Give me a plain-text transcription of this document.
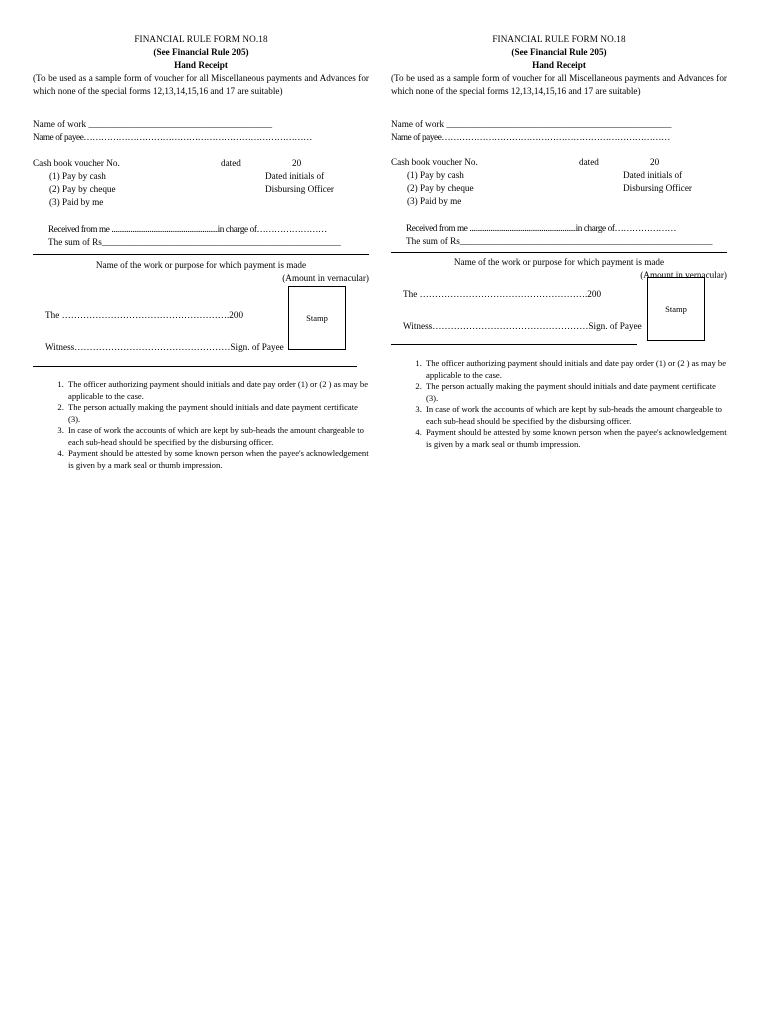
FINANCIAL RULE FORM NO.18
(See Financial Rule 205)
Hand Receipt
(To be used as a sample form of voucher for all Miscellaneous payments and Advances for which none of the special forms 12,13,14,15,16 and 17 are suitable)
Name of work ________________________________________
Name of payee……………………………………………………………………
Cash book voucher No.	dated	20
(1) Pay by cash	Dated initials of
(2) Pay by cheque	Disbursing Officer
(3) Paid by me
Received from me ........................................................in charge of……………………
The sum of Rs____________________________________________________
Name of the work or purpose for which payment is made
(Amount in vernacular)
The ……………………………………………….200
Witness……………………………………………Sign. of Payee
Stamp
1. The officer authorizing payment should initials and date pay order (1) or (2 ) as may be applicable to the case.
2. The person actually making the payment should initials and date payment certificate (3).
3. In case of work the accounts of which are kept by sub-heads the amount chargeable to each sub-head should be specified by the disbursing officer.
4. Payment should be attested by some known person when the payee's acknowledgement is given by a mark seal or thumb impression.
FINANCIAL RULE FORM NO.18
(See Financial Rule 205)
Hand Receipt
(To be used as a sample form of voucher for all Miscellaneous payments and Advances for which none of the special forms 12,13,14,15,16 and 17 are suitable)
Name of work _________________________________________________
Name of payee……………………………………………………………………
Cash book voucher No.	dated	20
(1) Pay by cash	Dated initials of
(2) Pay by cheque	Disbursing Officer
(3) Paid by me
Received from me ........................................................in charge of…………………
The sum of Rs_______________________________________________________
Name of the work or purpose for which payment is made
(Amount in vernacular)
The ……………………………………………….200
Witness……………………………………………Sign. of Payee
Stamp
1. The officer authorizing payment should initials and date pay order (1) or (2 ) as may be applicable to the case.
2. The person actually making the payment should initials and date payment certificate (3).
3. In case of work the accounts of which are kept by sub-heads the amount chargeable to each sub-head should be specified by the disbursing officer.
4. Payment should be attested by some known person when the payee's acknowledgement is given by a mark seal or thumb impression.
